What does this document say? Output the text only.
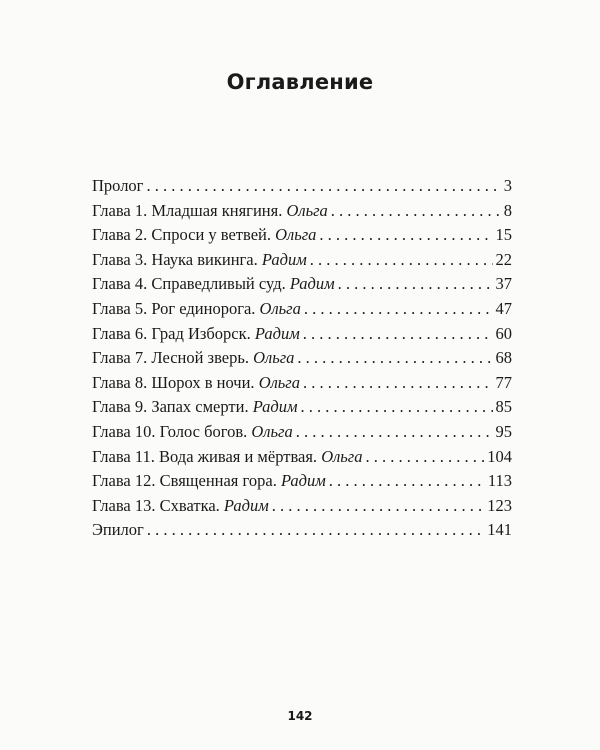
Оглавление
Пролог . . .	3
Глава 1. Младшая княгиня. Ольга . . .	8
Глава 2. Спроси у ветвей. Ольга . . .	15
Глава 3. Наука викинга. Радим . . .	22
Глава 4. Справедливый суд. Радим . . .	37
Глава 5. Рог единорога. Ольга . . .	47
Глава 6. Град Изборск. Радим . . .	60
Глава 7. Лесной зверь. Ольга . . .	68
Глава 8. Шорох в ночи. Ольга . . .	77
Глава 9. Запах смерти. Радим . . .	85
Глава 10. Голос богов. Ольга . . .	95
Глава 11. Вода живая и мёртвая. Ольга . . .	104
Глава 12. Священная гора. Радим . . .	113
Глава 13. Схватка. Радим . . .	123
Эпилог . . .	141
142
